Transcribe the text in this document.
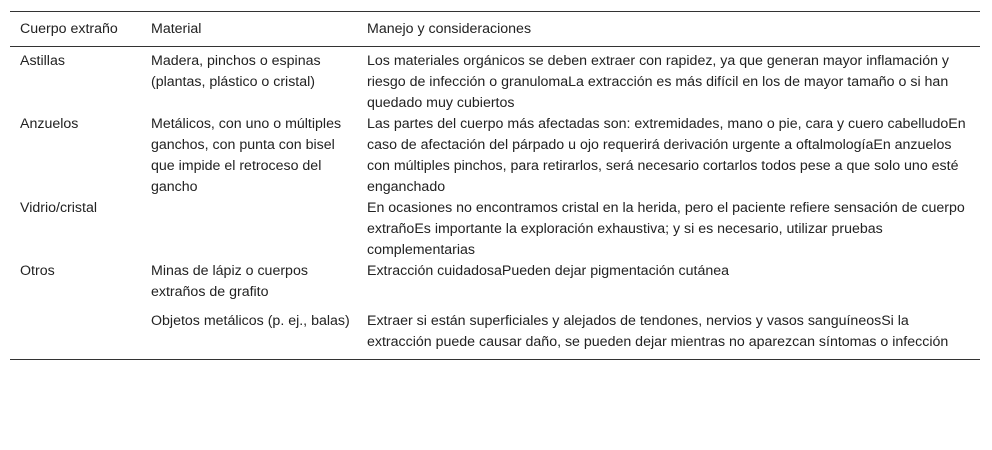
Cuerpo extraño	Material	Manejo y consideraciones
Astillas	Madera, pinchos o espinas (plantas, plástico o cristal)	Los materiales orgánicos se deben extraer con rapidez, ya que generan mayor inflamación y riesgo de infección o granulomaLa extracción es más difícil en los de mayor tamaño o si han quedado muy cubiertos
Anzuelos	Metálicos, con uno o múltiples ganchos, con punta con bisel que impide el retroceso del gancho	Las partes del cuerpo más afectadas son: extremidades, mano o pie, cara y cuero cabelludoEn caso de afectación del párpado u ojo requerirá derivación urgente a oftalmologíaEn anzuelos con múltiples pinchos, para retirarlos, será necesario cortarlos todos pese a que solo uno esté enganchado
Vidrio/cristal		En ocasiones no encontramos cristal en la herida, pero el paciente refiere sensación de cuerpo extrañoEs importante la exploración exhaustiva; y si es necesario, utilizar pruebas complementarias
Otros	Minas de lápiz o cuerpos extraños de grafito	Extracción cuidadosaPueden dejar pigmentación cutánea
	Objetos metálicos (p. ej., balas)	Extraer si están superficiales y alejados de tendones, nervios y vasos sanguíneosSi la extracción puede causar daño, se pueden dejar mientras no aparezcan síntomas o infección
